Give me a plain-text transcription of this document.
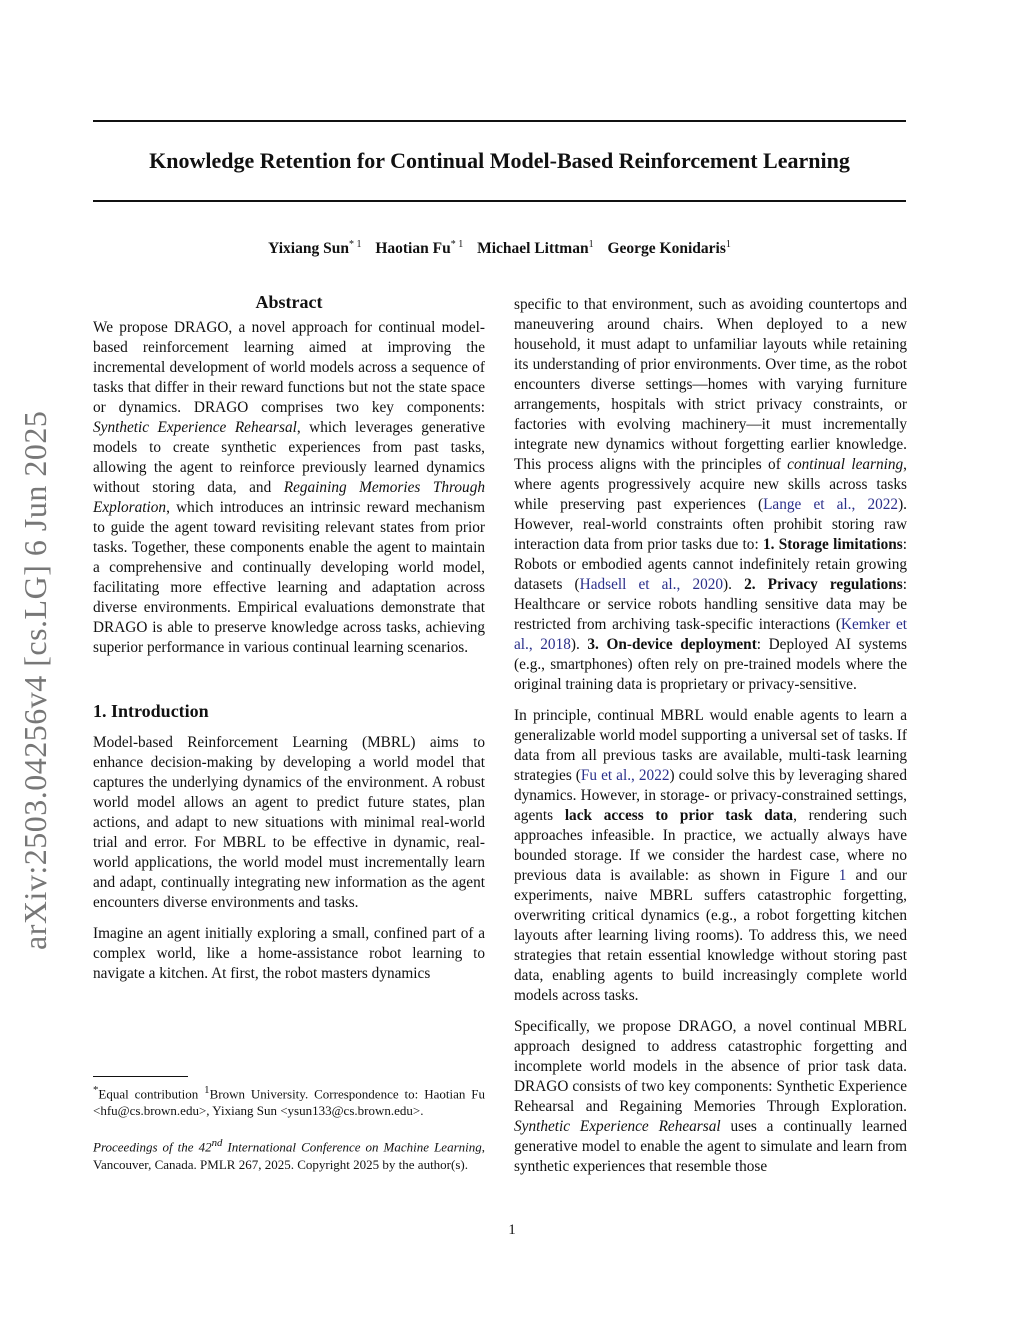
arXiv:2503.04256v4 [cs.LG] 6 Jun 2025
Knowledge Retention for Continual Model-Based Reinforcement Learning
Yixiang Sun$^{* 1}$ Haotian Fu$^{* 1}$ Michael Littman$^1$ George Konidaris$^1$
Abstract

We propose DRAGO, a novel approach for continual model-based reinforcement learning aimed at improving the incremental development of world models across a sequence of tasks that differ in their reward functions but not the state space or dynamics. DRAGO comprises two key components: Synthetic Experience Rehearsal, which leverages generative models to create synthetic experiences from past tasks, allowing the agent to reinforce previously learned dynamics without storing data, and Regaining Memories Through Exploration, which introduces an intrinsic reward mechanism to guide the agent toward revisiting relevant states from prior tasks. Together, these components enable the agent to maintain a comprehensive and continually developing world model, facilitating more effective learning and adaptation across diverse environments. Empirical evaluations demonstrate that DRAGO is able to preserve knowledge across tasks, achieving superior performance in various continual learning scenarios.

1. Introduction

Model-based Reinforcement Learning (MBRL) aims to enhance decision-making by developing a world model that captures the underlying dynamics of the environment. A robust world model allows an agent to predict future states, plan actions, and adapt to new situations with minimal real-world trial and error. For MBRL to be effective in dynamic, real-world applications, the world model must incrementally learn and adapt, continually integrating new information as the agent encounters diverse environments and tasks.

Imagine an agent initially exploring a small, confined part of a complex world, like a home-assistance robot learning to navigate a kitchen. At first, the robot masters dynamics

*Equal contribution $^1$Brown University. Correspondence to: Haotian Fu <hfu@cs.brown.edu>, Yixiang Sun <ysun133@cs.brown.edu>.

Proceedings of the 42nd International Conference on Machine Learning, Vancouver, Canada. PMLR 267, 2025. Copyright 2025 by the author(s).

specific to that environment, such as avoiding countertops and maneuvering around chairs. When deployed to a new household, it must adapt to unfamiliar layouts while retaining its understanding of prior environments. Over time, as the robot encounters diverse settings—homes with varying furniture arrangements, hospitals with strict privacy constraints, or factories with evolving machinery—it must incrementally integrate new dynamics without forgetting earlier knowledge. This process aligns with the principles of continual learning, where agents progressively acquire new skills across tasks while preserving past experiences (Lange et al., 2022). However, real-world constraints often prohibit storing raw interaction data from prior tasks due to: 1. Storage limitations: Robots or embodied agents cannot indefinitely retain growing datasets (Hadsell et al., 2020). 2. Privacy regulations: Healthcare or service robots handling sensitive data may be restricted from archiving task-specific interactions (Kemker et al., 2018). 3. On-device deployment: Deployed AI systems (e.g., smartphones) often rely on pre-trained models where the original training data is proprietary or privacy-sensitive.

In principle, continual MBRL would enable agents to learn a generalizable world model supporting a universal set of tasks. If data from all previous tasks are available, multi-task learning strategies (Fu et al., 2022) could solve this by leveraging shared dynamics. However, in storage- or privacy-constrained settings, agents lack access to prior task data, rendering such approaches infeasible. In practice, we actually always have bounded storage. If we consider the hardest case, where no previous data is available: as shown in Figure 1 and our experiments, naive MBRL suffers catastrophic forgetting, overwriting critical dynamics (e.g., a robot forgetting kitchen layouts after learning living rooms). To address this, we need strategies that retain essential knowledge without storing past data, enabling agents to build increasingly complete world models across tasks.

Specifically, we propose DRAGO, a novel continual MBRL approach designed to address catastrophic forgetting and incomplete world models in the absence of prior task data. DRAGO consists of two key components: Synthetic Experience Rehearsal and Regaining Memories Through Exploration. Synthetic Experience Rehearsal uses a continually learned generative model to enable the agent to simulate and learn from synthetic experiences that resemble those

1
